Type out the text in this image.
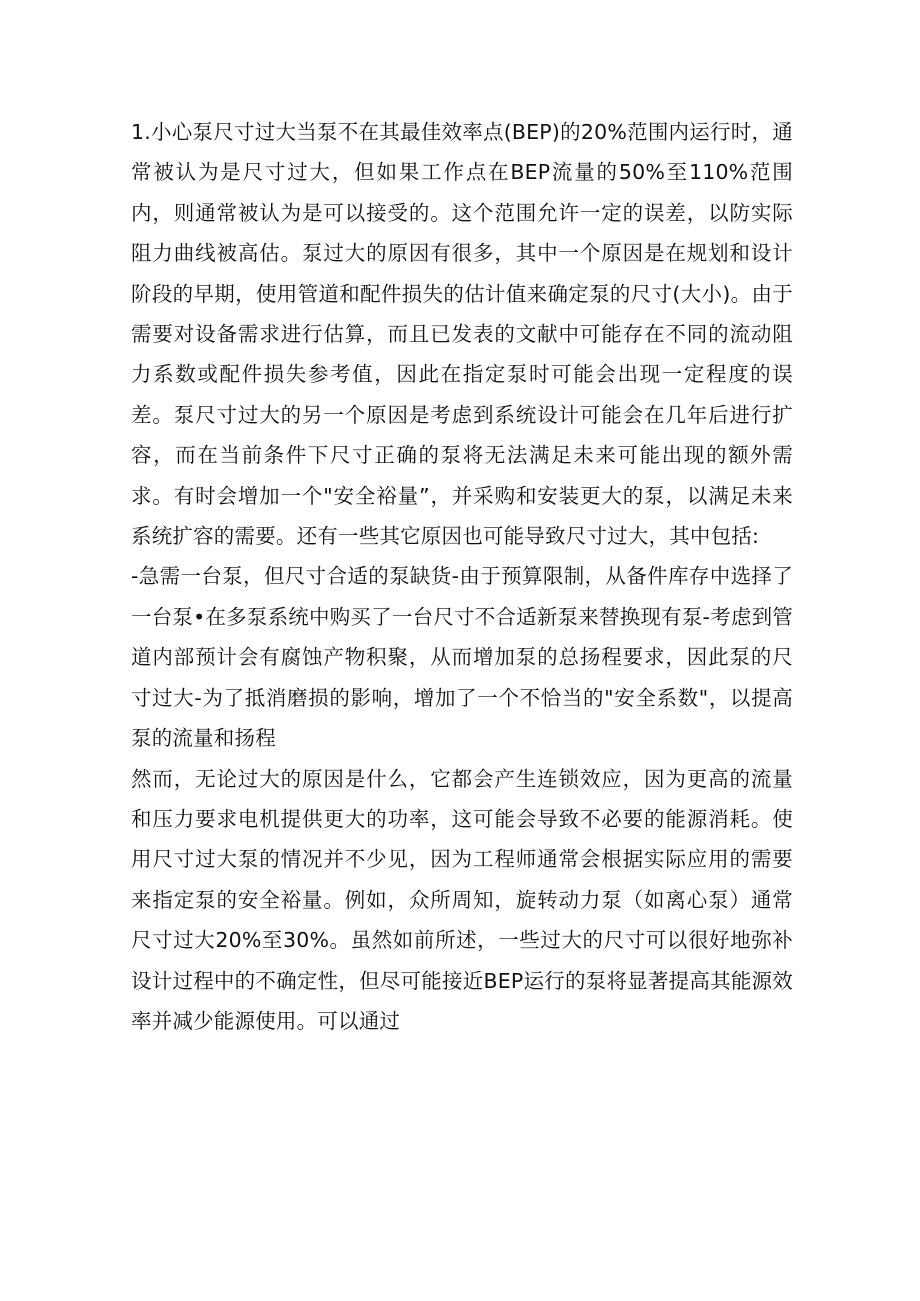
1.小心泵尺寸过大当泵不在其最佳效率点(BEP)的20%范围内运行时，通常被认为是尺寸过大，但如果工作点在BEP流量的50%至110%范围内，则通常被认为是可以接受的。这个范围允许一定的误差，以防实际阻力曲线被高估。泵过大的原因有很多，其中一个原因是在规划和设计阶段的早期，使用管道和配件损失的估计值来确定泵的尺寸(大小)。由于需要对设备需求进行估算，而且已发表的文献中可能存在不同的流动阻力系数或配件损失参考值，因此在指定泵时可能会出现一定程度的误差。泵尺寸过大的另一个原因是考虑到系统设计可能会在几年后进行扩容，而在当前条件下尺寸正确的泵将无法满足未来可能出现的额外需求。有时会增加一个"安全裕量”，并采购和安装更大的泵，以满足未来系统扩容的需要。还有一些其它原因也可能导致尺寸过大，其中包括:

-急需一台泵，但尺寸合适的泵缺货-由于预算限制，从备件库存中选择了一台泵•在多泵系统中购买了一台尺寸不合适新泵来替换现有泵-考虑到管道内部预计会有腐蚀产物积聚，从而增加泵的总扬程要求，因此泵的尺寸过大-为了抵消磨损的影响，增加了一个不恰当的"安全系数"，以提高泵的流量和扬程

然而，无论过大的原因是什么，它都会产生连锁效应，因为更高的流量和压力要求电机提供更大的功率，这可能会导致不必要的能源消耗。使用尺寸过大泵的情况并不少见，因为工程师通常会根据实际应用的需要来指定泵的安全裕量。例如，众所周知，旋转动力泵（如离心泵）通常尺寸过大20%至30%。虽然如前所述，一些过大的尺寸可以很好地弥补设计过程中的不确定性，但尽可能接近BEP运行的泵将显著提高其能源效率并减少能源使用。可以通过
